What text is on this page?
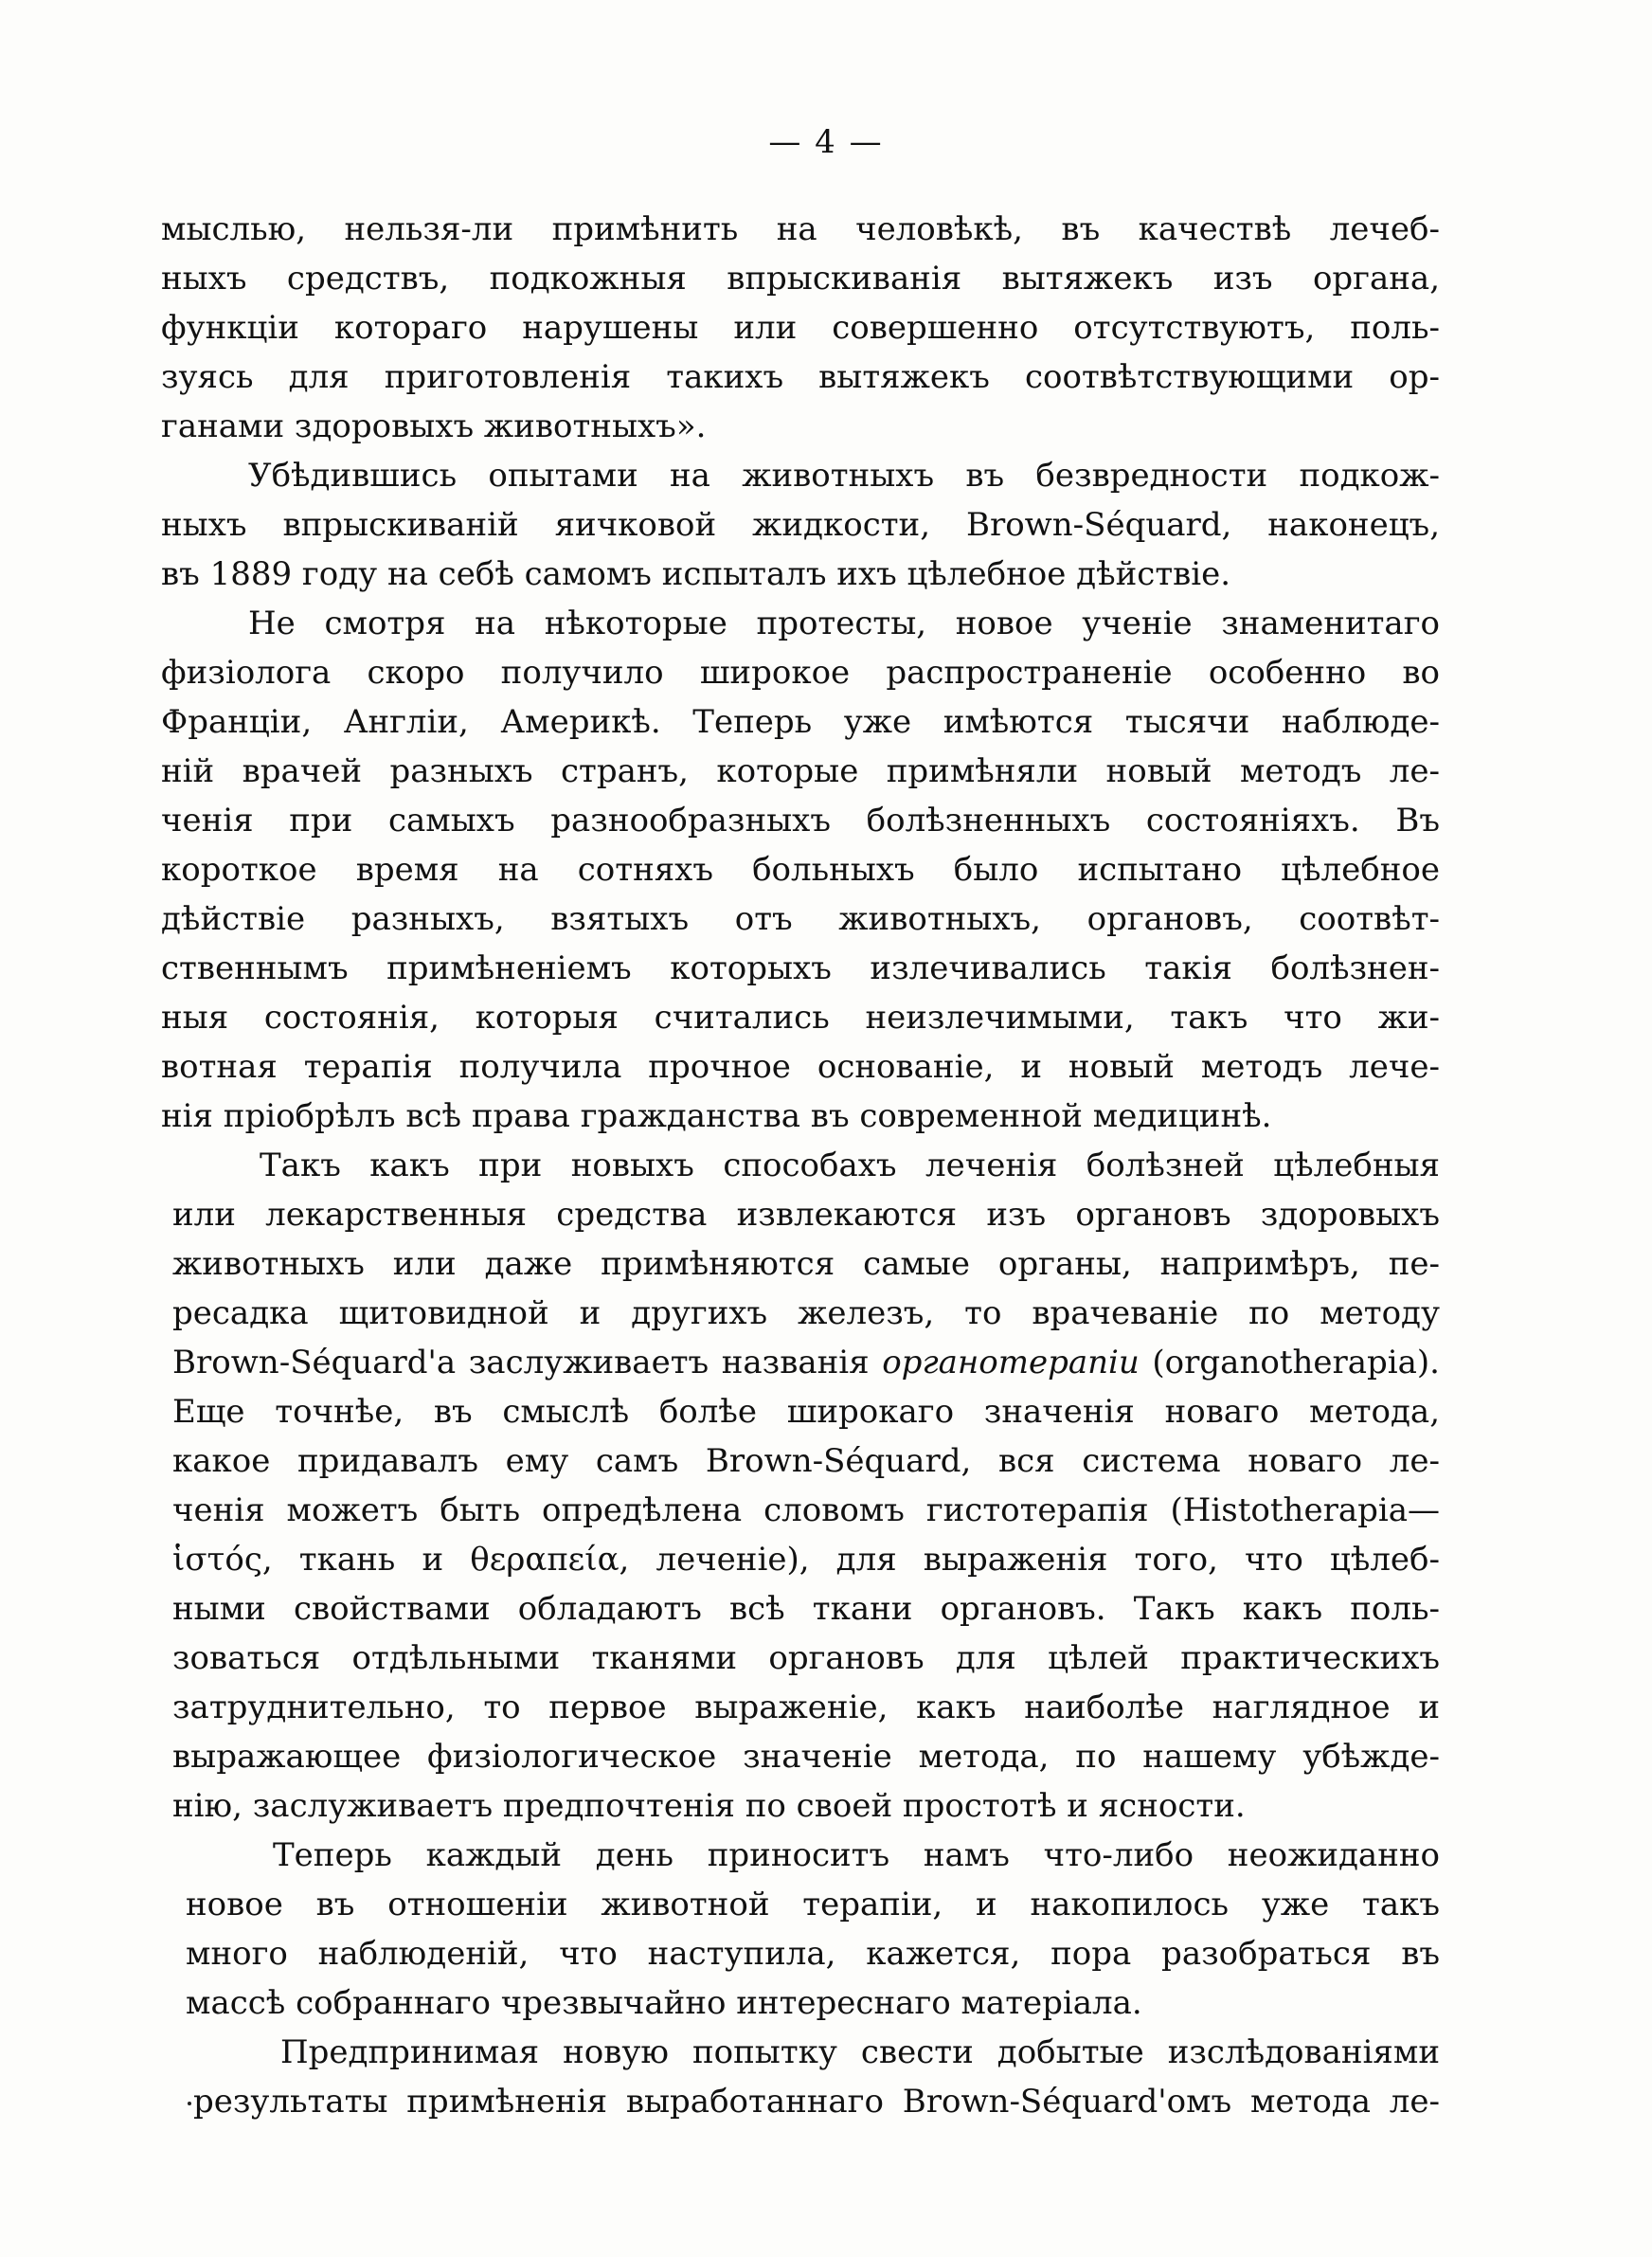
— 4 —
мыслью, нельзя-ли примѣнить на человѣкѣ, въ качествѣ лечеб-
ныхъ средствъ, подкожныя впрыскиванія вытяжекъ изъ органа,
функціи котораго нарушены или совершенно отсутствуютъ, поль-
зуясь для приготовленія такихъ вытяжекъ соотвѣтствующими ор-
ганами здоровыхъ животныхъ».
Убѣдившись опытами на животныхъ въ безвредности подкож-
ныхъ впрыскиваній яичковой жидкости, Brown-Séquard, наконецъ,
въ 1889 году на себѣ самомъ испыталъ ихъ цѣлебное дѣйствіе.
Не смотря на нѣкоторые протесты, новое ученіе знаменитаго
физіолога скоро получило широкое распространеніе особенно во
Франціи, Англіи, Америкѣ. Теперь уже имѣются тысячи наблюде-
ній врачей разныхъ странъ, которые примѣняли новый методъ ле-
ченія при самыхъ разнообразныхъ болѣзненныхъ состояніяхъ. Въ
короткое время на сотняхъ больныхъ было испытано цѣлебное
дѣйствіе разныхъ, взятыхъ отъ животныхъ, органовъ, соотвѣт-
ственнымъ примѣненіемъ которыхъ излечивались такія болѣзнен-
ныя состоянія, которыя считались неизлечимыми, такъ что жи-
вотная терапія получила прочное основаніе, и новый методъ лече-
нія пріобрѣлъ всѣ права гражданства въ современной медицинѣ.
Такъ какъ при новыхъ способахъ леченія болѣзней цѣлебныя
или лекарственныя средства извлекаются изъ органовъ здоровыхъ
животныхъ или даже примѣняются самые органы, напримѣръ, пе-
ресадка щитовидной и другихъ железъ, то врачеваніе по методу
Brown-Séquard'а заслуживаетъ названія органотерапіи (organotherapia).
Еще точнѣе, въ смыслѣ болѣе широкаго значенія новаго метода,
какое придавалъ ему самъ Brown-Séquard, вся система новаго ле-
ченія можетъ быть опредѣлена словомъ гистотерапія (Histotherapia—
ἱστός, ткань и θεραπεία, леченіе), для выраженія того, что цѣлеб-
ными свойствами обладаютъ всѣ ткани органовъ. Такъ какъ поль-
зоваться отдѣльными тканями органовъ для цѣлей практическихъ
затруднительно, то первое выраженіе, какъ наиболѣе наглядное и
выражающее физіологическое значеніе метода, по нашему убѣжде-
нію, заслуживаетъ предпочтенія по своей простотѣ и ясности.
Теперь каждый день приноситъ намъ что-либо неожиданно
новое въ отношеніи животной терапіи, и накопилось уже такъ
много наблюденій, что наступила, кажется, пора разобраться въ
массѣ собраннаго чрезвычайно интереснаго матеріала.
Предпринимая новую попытку свести добытые изслѣдованіями
результаты примѣненія выработаннаго Brown-Séquard'омъ метода ле-
